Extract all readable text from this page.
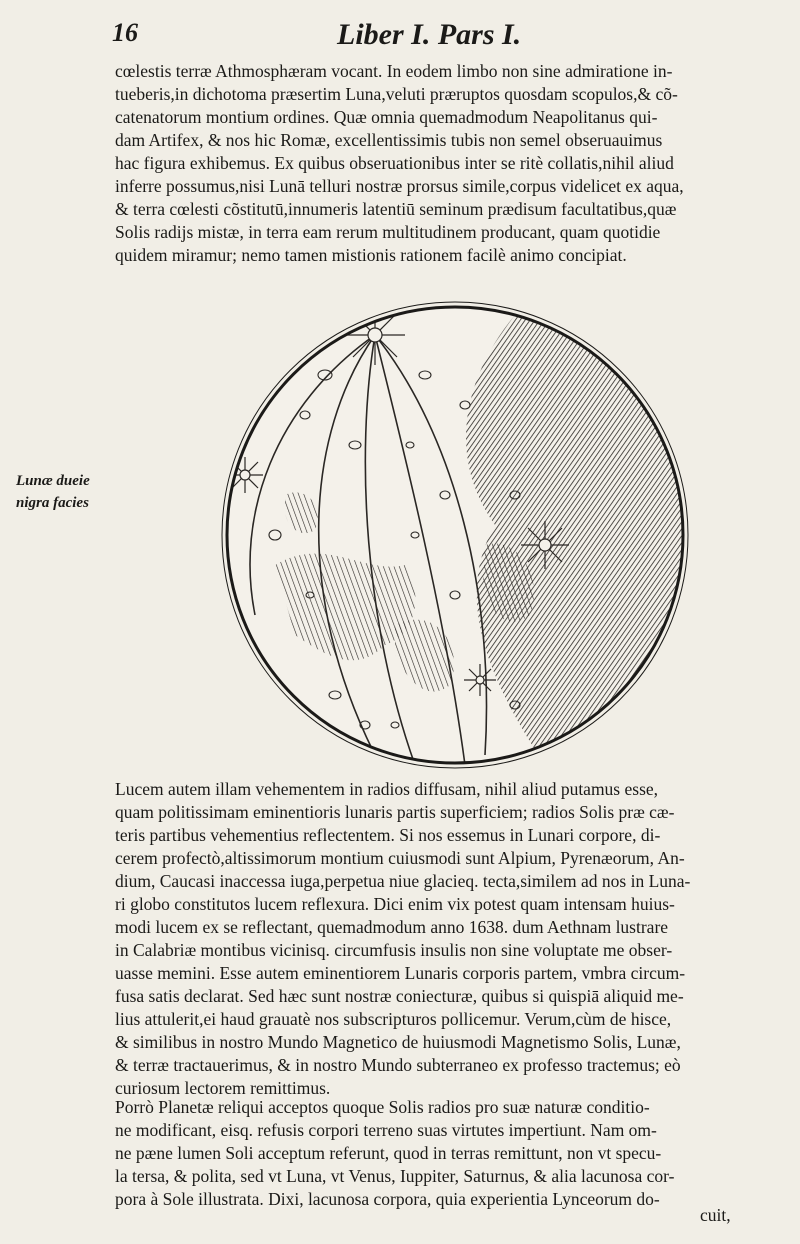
16	Liber I. Pars I.
cœlestis terræ Athmosphæram vocant. In eodem limbo non sine admiratione in-
tueberis,in dichotoma præsertim Luna,veluti præruptos quosdam scopulos,& cõ-
catenatorum montium ordines. Quæ omnia quemadmodum Neapolitanus qui-
dam Artifex, & nos hic Romæ, excellentissimis tubis non semel obseruauimus
hac figura exhibemus. Ex quibus obseruationibus inter se ritè collatis,nihil aliud
inferre possumus,nisi Lunā telluri nostræ prorsus simile,corpus videlicet ex aqua,
& terra cœlesti cõstitutū,innumeris latentiū seminum prædisum facultatibus,quæ
Solis radijs mistæ, in terra eam rerum multitudinem producant, quam quotidie
quidem miramur; nemo tamen mistionis rationem facilè animo concipiat.
Lunæ dueie
nigra facies
Lucem autem illam vehementem in radios diffusam, nihil aliud putamus esse,
quam politissimam eminentioris lunaris partis superficiem; radios Solis præ cæ-
teris partibus vehementius reflectentem. Si nos essemus in Lunari corpore, di-
cerem profectò,altissimorum montium cuiusmodi sunt Alpium, Pyrenæorum, An-
dium, Caucasi inaccessa iuga,perpetua niue glacieq. tecta,similem ad nos in Luna-
ri globo constitutos lucem reflexura. Dici enim vix potest quam intensam huius-
modi lucem ex se reflectant, quemadmodum anno 1638. dum Aethnam lustrare
in Calabriæ montibus vicinisq. circumfusis insulis non sine voluptate me obser-
uasse memini. Esse autem eminentiorem Lunaris corporis partem, vmbra circum-
fusa satis declarat. Sed hæc sunt nostræ coniecturæ, quibus si quispiā aliquid me-
lius attulerit,ei haud grauatè nos subscripturos pollicemur. Verum,cùm de hisce,
& similibus in nostro Mundo Magnetico de huiusmodi Magnetismo Solis, Lunæ,
& terræ tractauerimus, & in nostro Mundo subterraneo ex professo tractemus; eò
curiosum lectorem remittimus.
Porrò Planetæ reliqui acceptos quoque Solis radios pro suæ naturæ conditio-
ne modificant, eisq. refusis corpori terreno suas virtutes impertiunt. Nam om-
ne pæne lumen Soli acceptum referunt, quod in terras remittunt, non vt specu-
la tersa, & polita, sed vt Luna, vt Venus, Iuppiter, Saturnus, & alia lacunosa cor-
pora à Sole illustrata. Dixi, lacunosa corpora, quia experientia Lynceorum do-
cuit,
